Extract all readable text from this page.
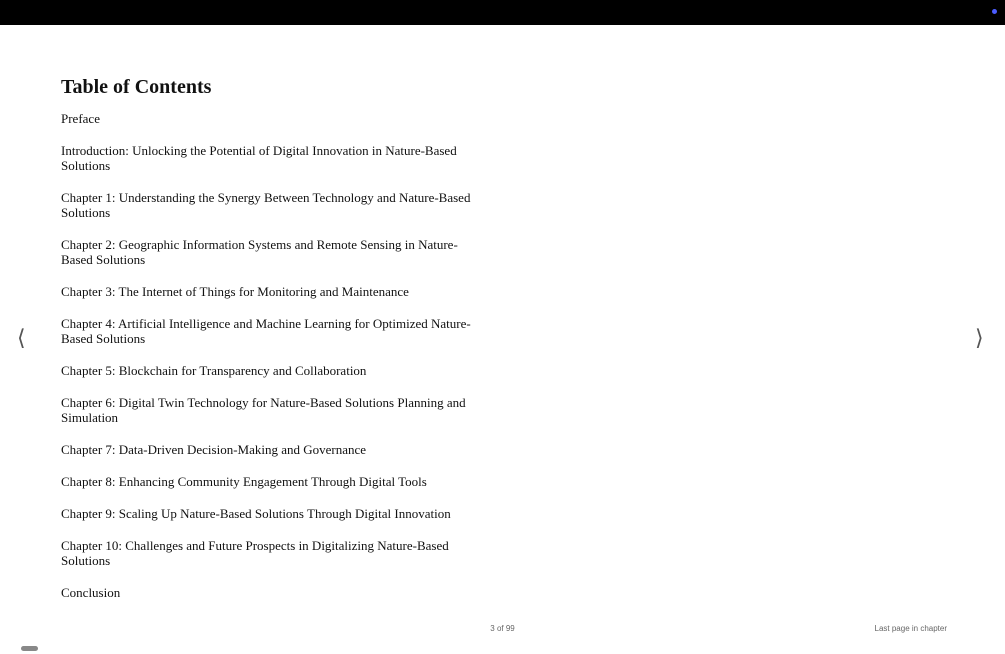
Table of Contents
Preface
Introduction: Unlocking the Potential of Digital Innovation in Nature-Based Solutions
Chapter 1: Understanding the Synergy Between Technology and Nature-Based Solutions
Chapter 2: Geographic Information Systems and Remote Sensing in Nature-Based Solutions
Chapter 3: The Internet of Things for Monitoring and Maintenance
Chapter 4: Artificial Intelligence and Machine Learning for Optimized Nature-Based Solutions
Chapter 5: Blockchain for Transparency and Collaboration
Chapter 6: Digital Twin Technology for Nature-Based Solutions Planning and Simulation
Chapter 7: Data-Driven Decision-Making and Governance
Chapter 8: Enhancing Community Engagement Through Digital Tools
Chapter 9: Scaling Up Nature-Based Solutions Through Digital Innovation
Chapter 10: Challenges and Future Prospects in Digitalizing Nature-Based Solutions
Conclusion
⟨	⟩
3 of 99	Last page in chapter
